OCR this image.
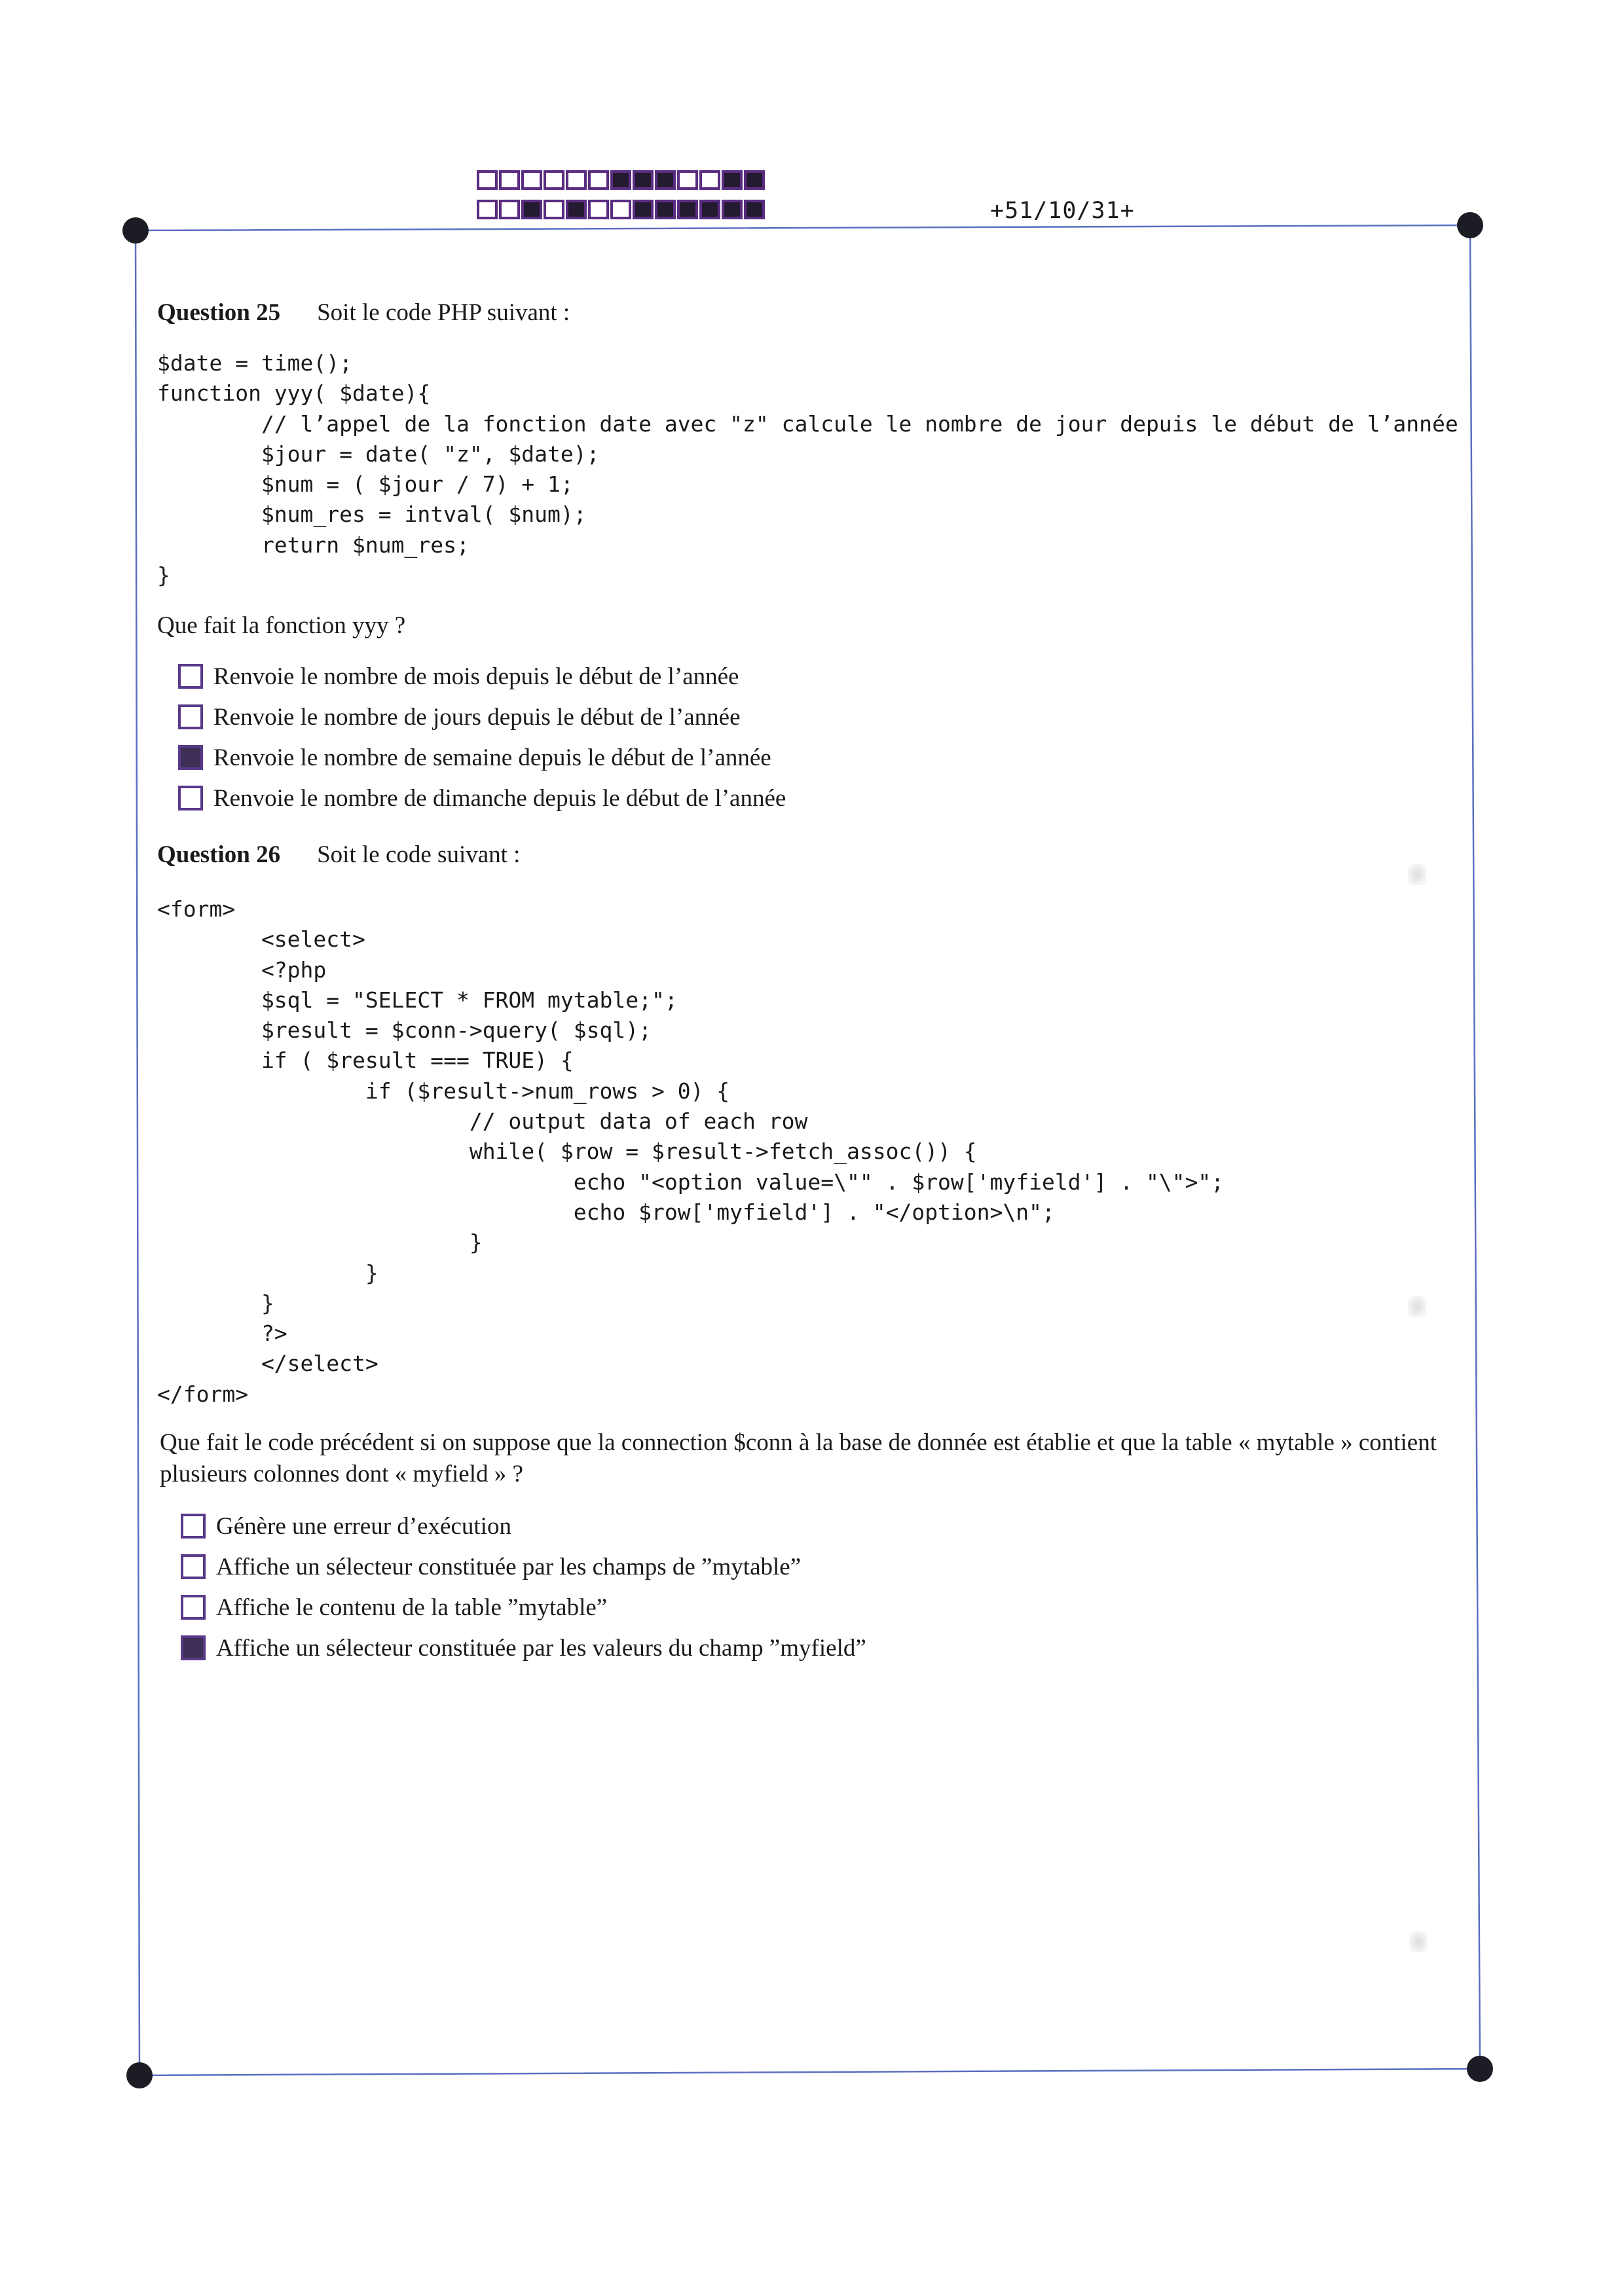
+51/10/31+
Question 25 Soit le code PHP suivant :
$date = time();
function yyy( $date){
// l’appel de la fonction date avec "z" calcule le nombre de jour depuis le début de l’année
$jour = date( "z", $date);
$num = ( $jour / 7) + 1;
$num_res = intval( $num);
return $num_res;
}
Que fait la fonction yyy ?
Renvoie le nombre de mois depuis le début de l’année
Renvoie le nombre de jours depuis le début de l’année
Renvoie le nombre de semaine depuis le début de l’année
Renvoie le nombre de dimanche depuis le début de l’année
Question 26 Soit le code suivant :
<form>
<select>
<?php
$sql = "SELECT * FROM mytable;";
$result = $conn->query( $sql);
if ( $result === TRUE) {
if ($result->num_rows > 0) {
// output data of each row
while( $row = $result->fetch_assoc()) {
echo "<option value=\"" . $row['myfield'] . "\">";
echo $row['myfield'] . "</option>\n";
}
}
}
?>
</select>
</form>
Que fait le code précédent si on suppose que la connection $conn à la base de donnée est établie et que la table « mytable » contient plusieurs colonnes dont « myfield » ?
Génère une erreur d’exécution
Affiche un sélecteur constituée par les champs de ”mytable”
Affiche le contenu de la table ”mytable”
Affiche un sélecteur constituée par les valeurs du champ ”myfield”
